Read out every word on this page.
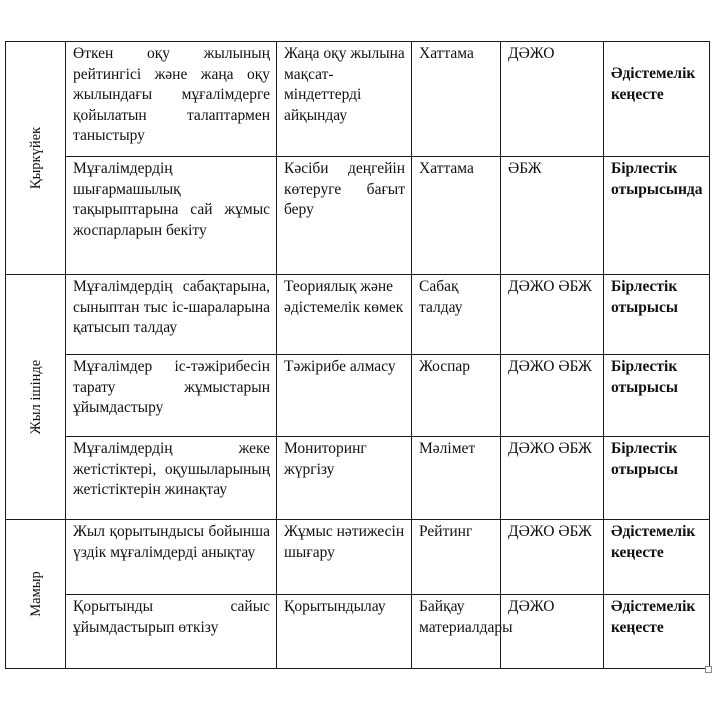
Қыркүйек	Өткен оқу жылының рейтингісі және жаңа оқу жылындағы мұғалімдерге қойылатын талаптармен таныстыру	Жаңа оқу жылына мақсат-міндеттерді айқындау	Хаттама	ДӘЖО	Әдістемелік кеңесте
	Мұғалімдердің шығармашылық тақырыптарына сай жұмыс жоспарларын бекіту	Кәсіби деңгейін көтеруге бағыт беру	Хаттама	ӘБЖ	Бірлестік отырысында

Жыл ішінде	Мұғалімдердің сабақтарына, сыныптан тыс іс-шараларына қатысып талдау	Теориялық және әдістемелік көмек	Сабақ талдау	ДӘЖО ӘБЖ	Бірлестік отырысы
	Мұғалімдер іс-тәжірибесін тарату жұмыстарын ұйымдастыру	Тәжірибе алмасу	Жоспар	ДӘЖО ӘБЖ	Бірлестік отырысы
	Мұғалімдердің жеке жетістіктері, оқушыларының жетістіктерін жинақтау	Мониторинг жүргізу	Мәлімет	ДӘЖО ӘБЖ	Бірлестік отырысы

Мамыр	Жыл қорытындысы бойынша үздік мұғалімдерді анықтау	Жұмыс нәтижесін шығару	Рейтинг	ДӘЖО ӘБЖ	Әдістемелік кеңесте
	Қорытынды сайыс ұйымдастырып өткізу	Қорытындылау	Байқау материалдары	ДӘЖО	Әдістемелік кеңесте
